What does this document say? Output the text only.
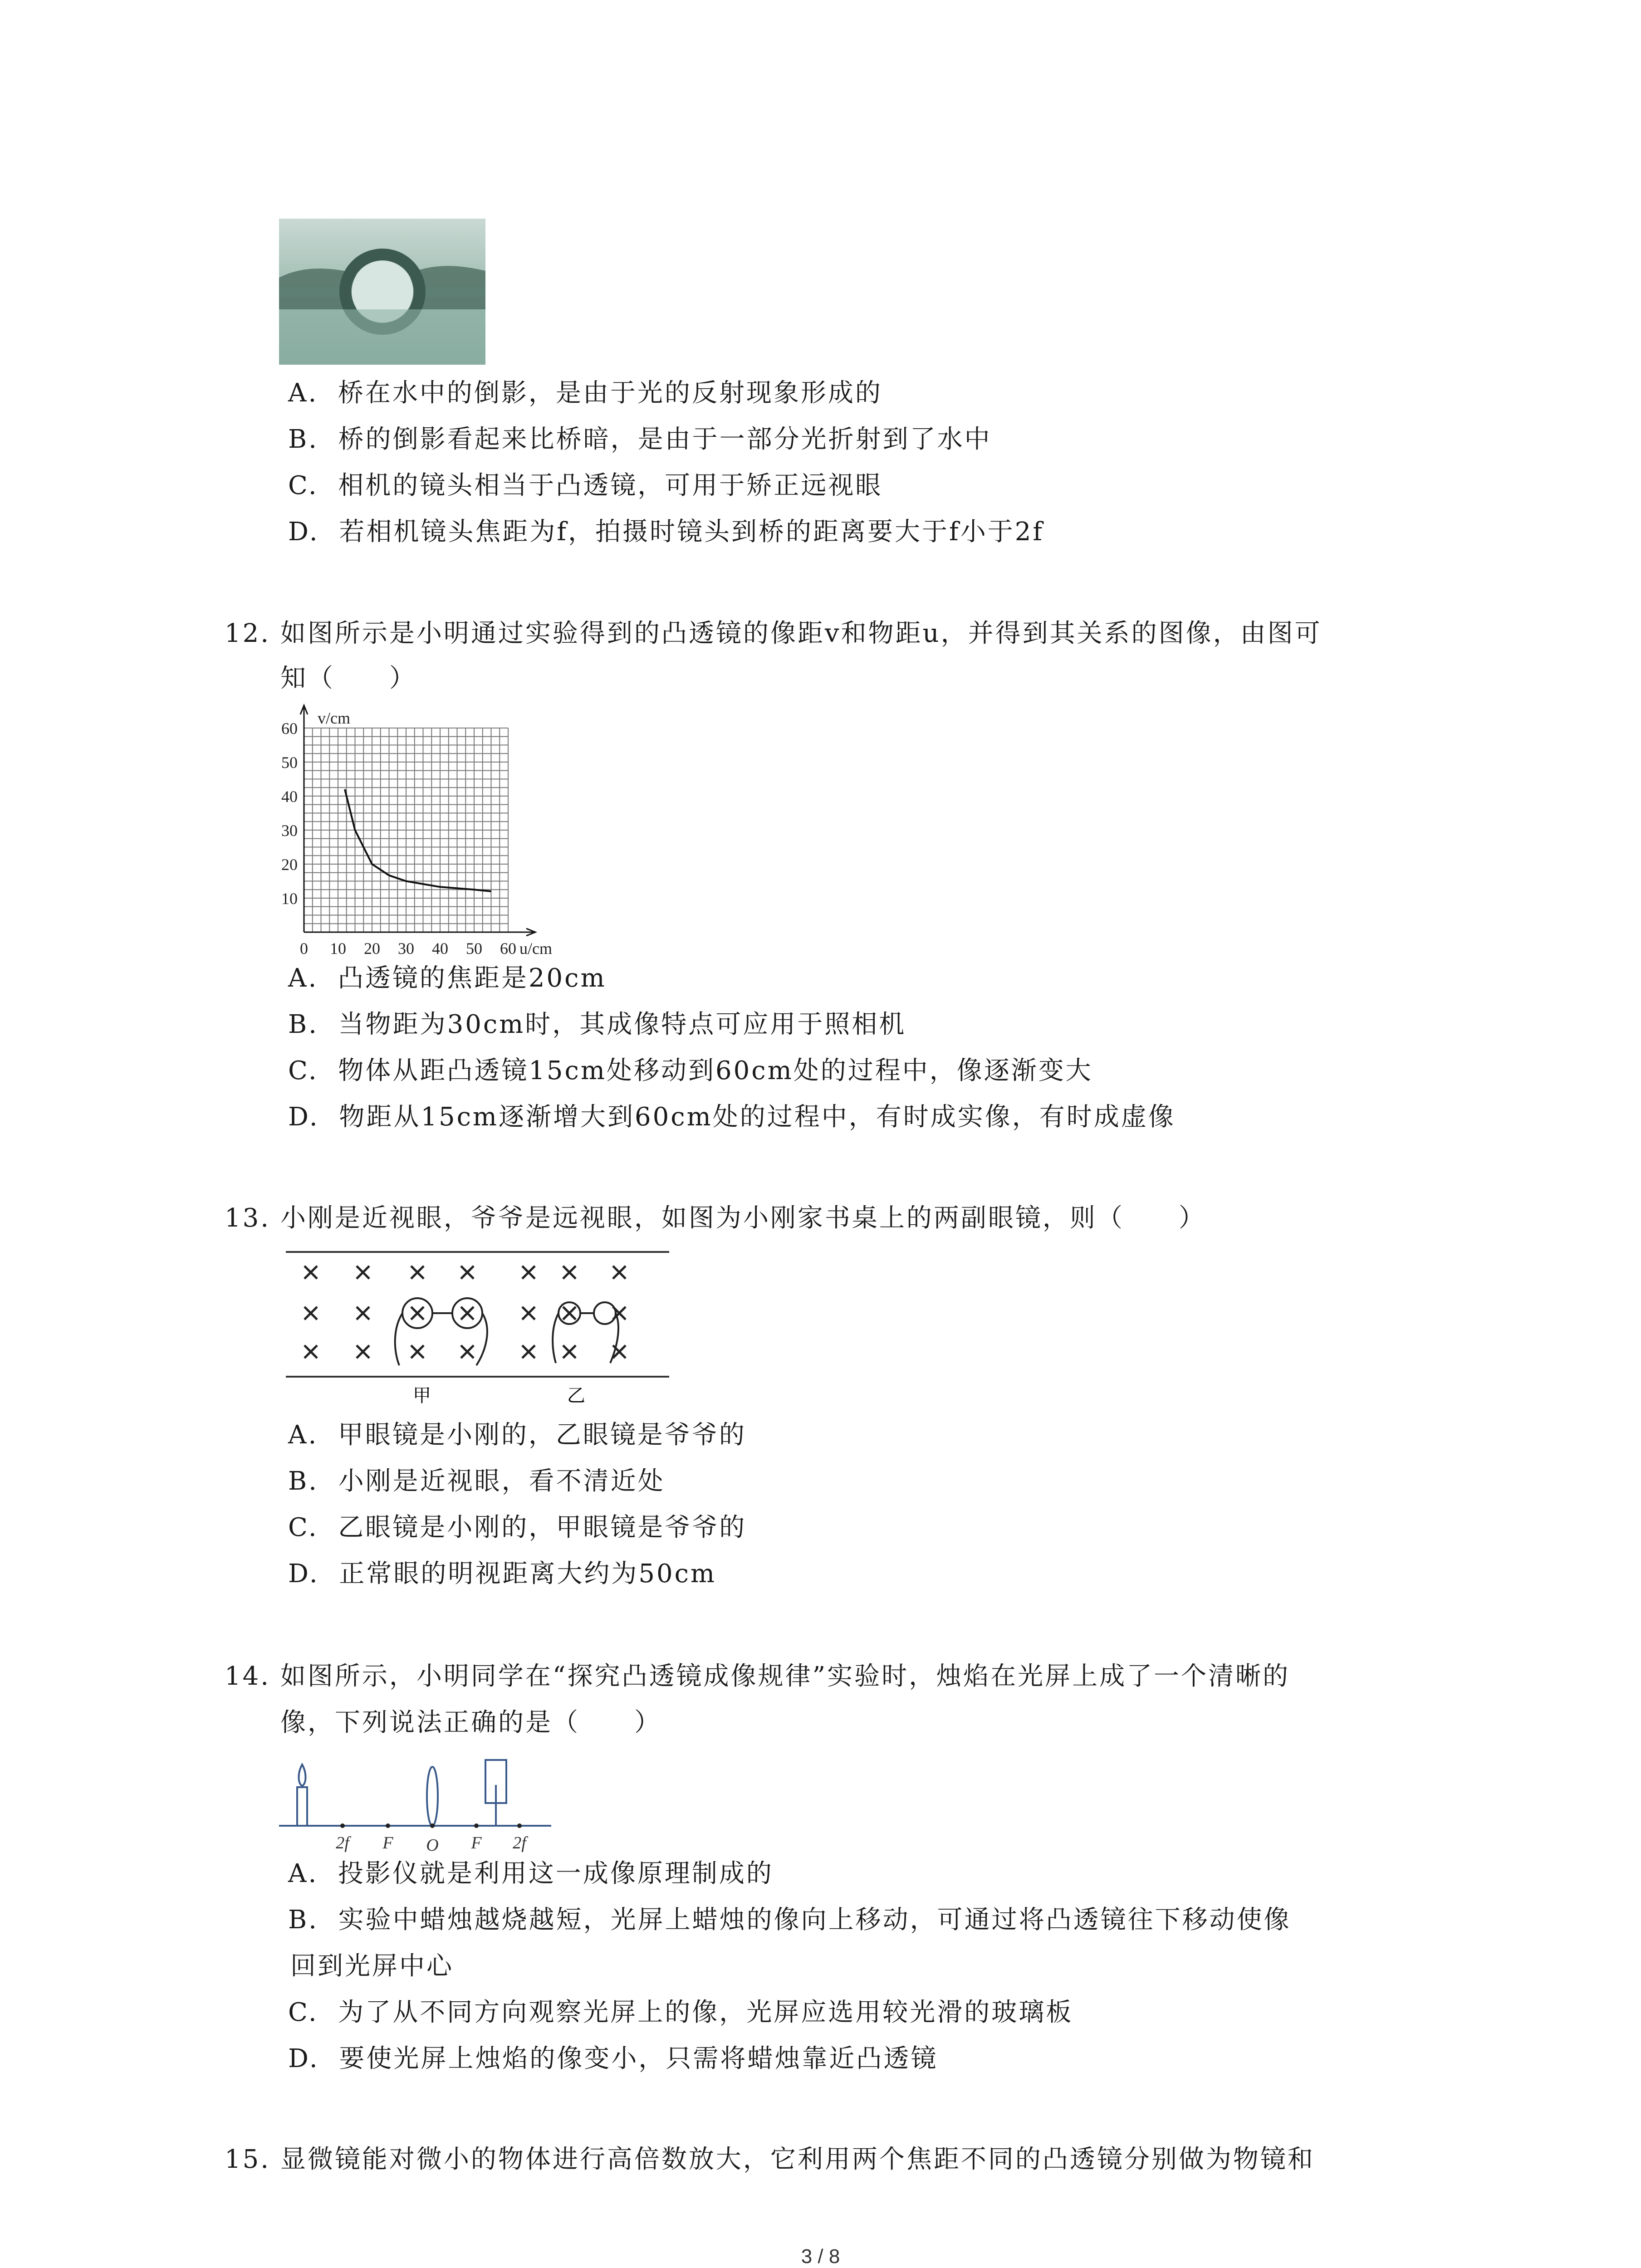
A. 桥在水中的倒影，是由于光的反射现象形成的
B. 桥的倒影看起来比桥暗，是由于一部分光折射到了水中
C. 相机的镜头相当于凸透镜，可用于矫正远视眼
D. 若相机镜头焦距为f，拍摄时镜头到桥的距离要大于f小于2f
12. 如图所示是小明通过实验得到的凸透镜的像距v和物距u，并得到其关系的图像，由图可
知（　　）
10
20
30
40
50
60
0 10 20 30 40 50 60
v/cm
u/cm
A. 凸透镜的焦距是20cm
B. 当物距为30cm时，其成像特点可应用于照相机
C. 物体从距凸透镜15cm处移动到60cm处的过程中，像逐渐变大
D. 物距从15cm逐渐增大到60cm处的过程中，有时成实像，有时成虚像
13. 小刚是近视眼，爷爷是远视眼，如图为小刚家书桌上的两副眼镜，则（　　）
甲	乙
A. 甲眼镜是小刚的，乙眼镜是爷爷的
B. 小刚是近视眼，看不清近处
C. 乙眼镜是小刚的，甲眼镜是爷爷的
D. 正常眼的明视距离大约为50cm
14. 如图所示，小明同学在“探究凸透镜成像规律”实验时，烛焰在光屏上成了一个清晰的
像，下列说法正确的是（　　）
2f F O F 2f
A. 投影仪就是利用这一成像原理制成的
B. 实验中蜡烛越烧越短，光屏上蜡烛的像向上移动，可通过将凸透镜往下移动使像
回到光屏中心
C. 为了从不同方向观察光屏上的像，光屏应选用较光滑的玻璃板
D. 要使光屏上烛焰的像变小，只需将蜡烛靠近凸透镜
15. 显微镜能对微小的物体进行高倍数放大，它利用两个焦距不同的凸透镜分别做为物镜和
3 / 8
